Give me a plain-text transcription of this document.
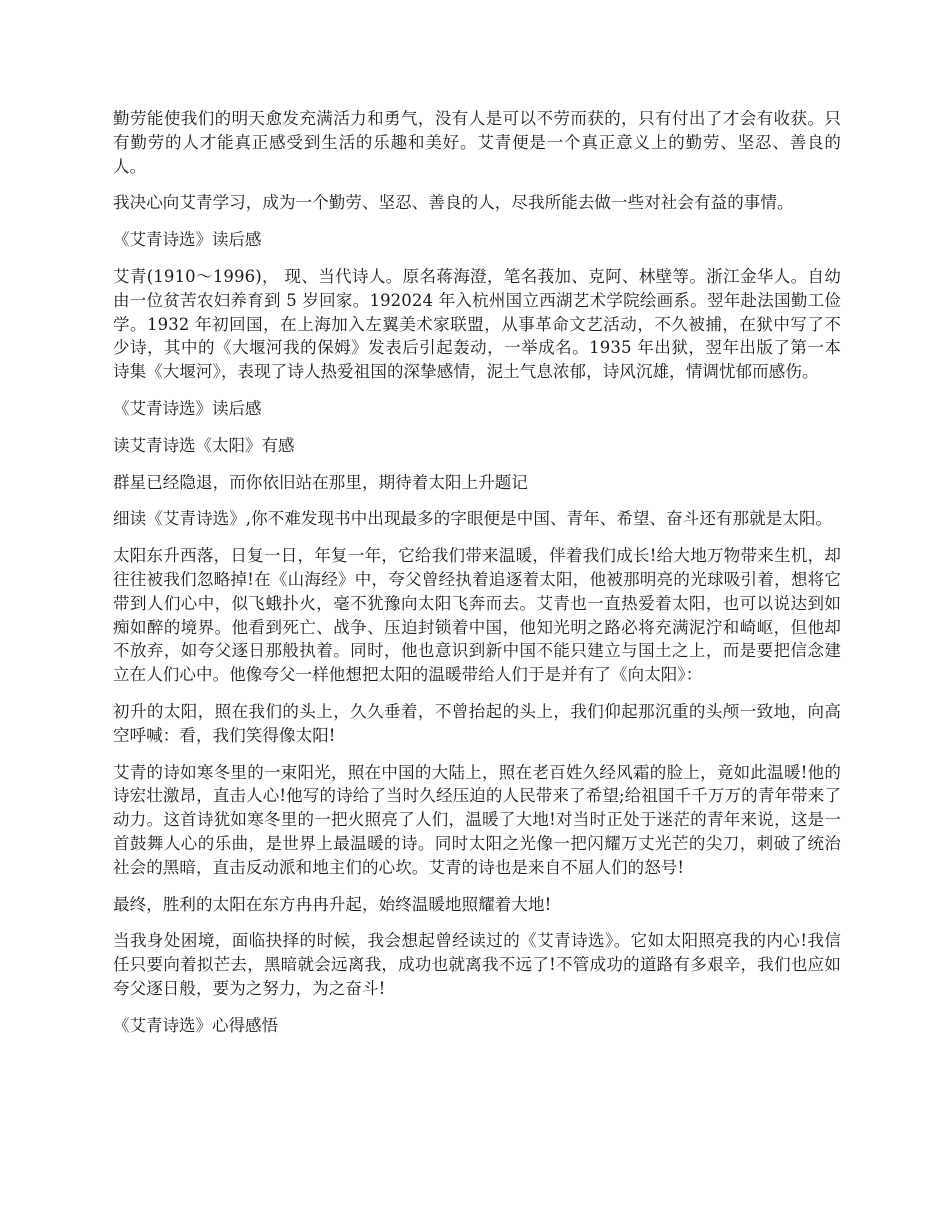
勤劳能使我们的明天愈发充满活力和勇气，没有人是可以不劳而获的，只有付出了才会有收获。只有勤劳的人才能真正感受到生活的乐趣和美好。艾青便是一个真正意义上的勤劳、坚忍、善良的人。

我决心向艾青学习，成为一个勤劳、坚忍、善良的人，尽我所能去做一些对社会有益的事情。

《艾青诗选》读后感

艾青(1910～1996)， 现、当代诗人。原名蒋海澄，笔名莪加、克阿、林壁等。浙江金华人。自幼由一位贫苦农妇养育到 5 岁回家。192024 年入杭州国立西湖艺术学院绘画系。翌年赴法国勤工俭学。1932 年初回国，在上海加入左翼美术家联盟，从事革命文艺活动，不久被捕，在狱中写了不少诗，其中的《大堰河我的保姆》发表后引起轰动，一举成名。1935 年出狱，翌年出版了第一本诗集《大堰河》，表现了诗人热爱祖国的深挚感情，泥土气息浓郁，诗风沉雄，情调忧郁而感伤。

《艾青诗选》读后感

读艾青诗选《太阳》有感

群星已经隐退，而你依旧站在那里，期待着太阳上升题记

细读《艾青诗选》,你不难发现书中出现最多的字眼便是中国、青年、希望、奋斗还有那就是太阳。

太阳东升西落，日复一日，年复一年，它给我们带来温暖，伴着我们成长!给大地万物带来生机，却往往被我们忽略掉!在《山海经》中，夸父曾经执着追逐着太阳，他被那明亮的光球吸引着，想将它带到人们心中，似飞蛾扑火，毫不犹豫向太阳飞奔而去。艾青也一直热爱着太阳，也可以说达到如痴如醉的境界。他看到死亡、战争、压迫封锁着中国，他知光明之路必将充满泥泞和崎岖，但他却不放弃，如夸父逐日那般执着。同时，他也意识到新中国不能只建立与国土之上，而是要把信念建立在人们心中。他像夸父一样他想把太阳的温暖带给人们于是并有了《向太阳》：

初升的太阳，照在我们的头上，久久垂着，不曾抬起的头上，我们仰起那沉重的头颅一致地，向高空呼喊：看，我们笑得像太阳!

艾青的诗如寒冬里的一束阳光，照在中国的大陆上，照在老百姓久经风霜的脸上，竟如此温暖!他的诗宏壮激昂，直击人心!他写的诗给了当时久经压迫的人民带来了希望;给祖国千千万万的青年带来了动力。这首诗犹如寒冬里的一把火照亮了人们，温暖了大地!对当时正处于迷茫的青年来说，这是一首鼓舞人心的乐曲，是世界上最温暖的诗。同时太阳之光像一把闪耀万丈光芒的尖刀，刺破了统治社会的黑暗，直击反动派和地主们的心坎。艾青的诗也是来自不屈人们的怒号!

最终，胜利的太阳在东方冉冉升起，始终温暖地照耀着大地!

当我身处困境，面临抉择的时候，我会想起曾经读过的《艾青诗选》。它如太阳照亮我的内心!我信任只要向着拟芒去，黑暗就会远离我，成功也就离我不远了!不管成功的道路有多艰辛，我们也应如夸父逐日般，要为之努力，为之奋斗!

《艾青诗选》心得感悟
